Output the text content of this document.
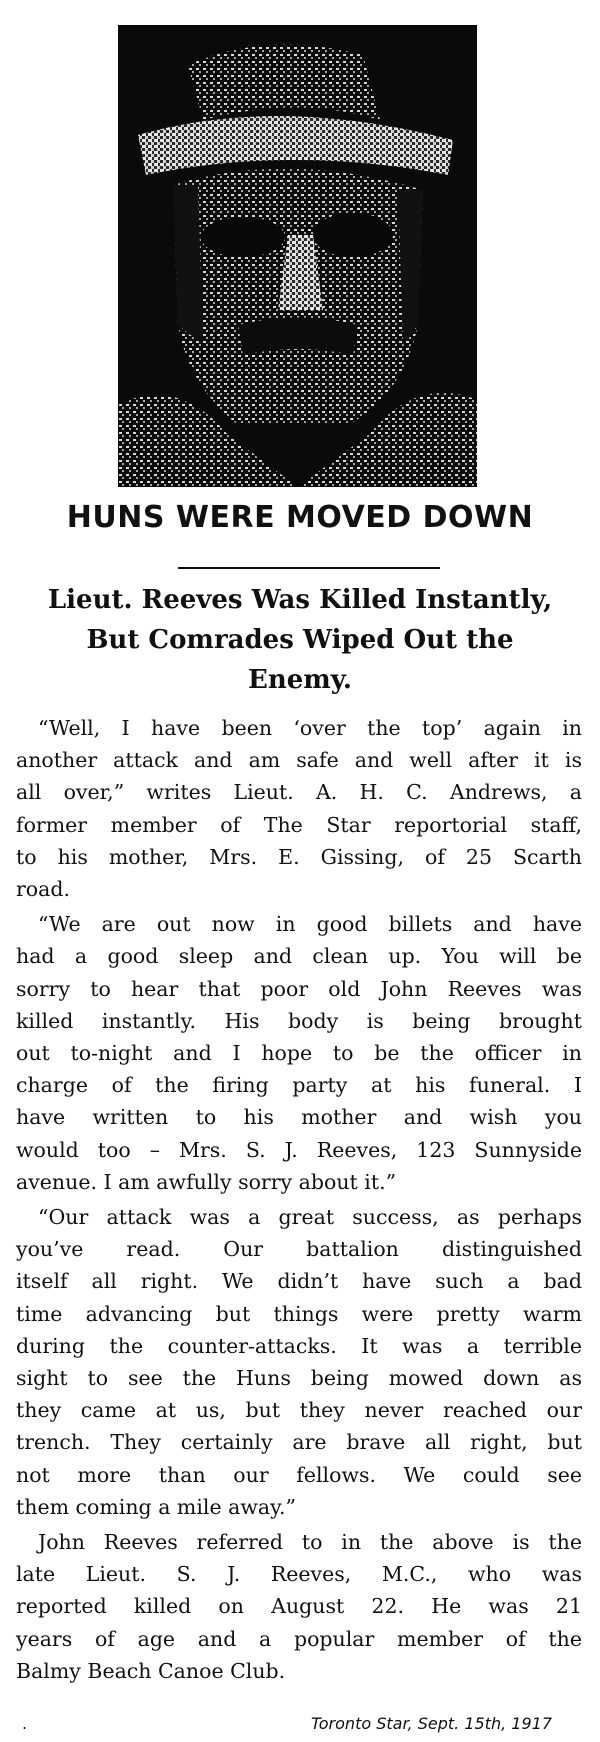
HUNS WERE MOVED DOWN
Lieut. Reeves Was Killed Instantly,
But Comrades Wiped Out the
Enemy.
“Well, I have been ‘over the top’ again in
another attack and am safe and well after it is
all over,” writes Lieut. A. H. C. Andrews, a
former member of The Star reportorial staff,
to his mother, Mrs. E. Gissing, of 25 Scarth
road.
“We are out now in good billets and have
had a good sleep and clean up. You will be
sorry to hear that poor old John Reeves was
killed instantly. His body is being brought
out to-night and I hope to be the officer in
charge of the firing party at his funeral. I
have written to his mother and wish you
would too – Mrs. S. J. Reeves, 123 Sunnyside
avenue. I am awfully sorry about it.”
“Our attack was a great success, as perhaps
you’ve read. Our battalion distinguished
itself all right. We didn’t have such a bad
time advancing but things were pretty warm
during the counter-attacks. It was a terrible
sight to see the Huns being mowed down as
they came at us, but they never reached our
trench. They certainly are brave all right, but
not more than our fellows. We could see
them coming a mile away.”
John Reeves referred to in the above is the
late Lieut. S. J. Reeves, M.C., who was
reported killed on August 22. He was 21
years of age and a popular member of the
Balmy Beach Canoe Club.
.	Toronto Star, Sept. 15th, 1917
